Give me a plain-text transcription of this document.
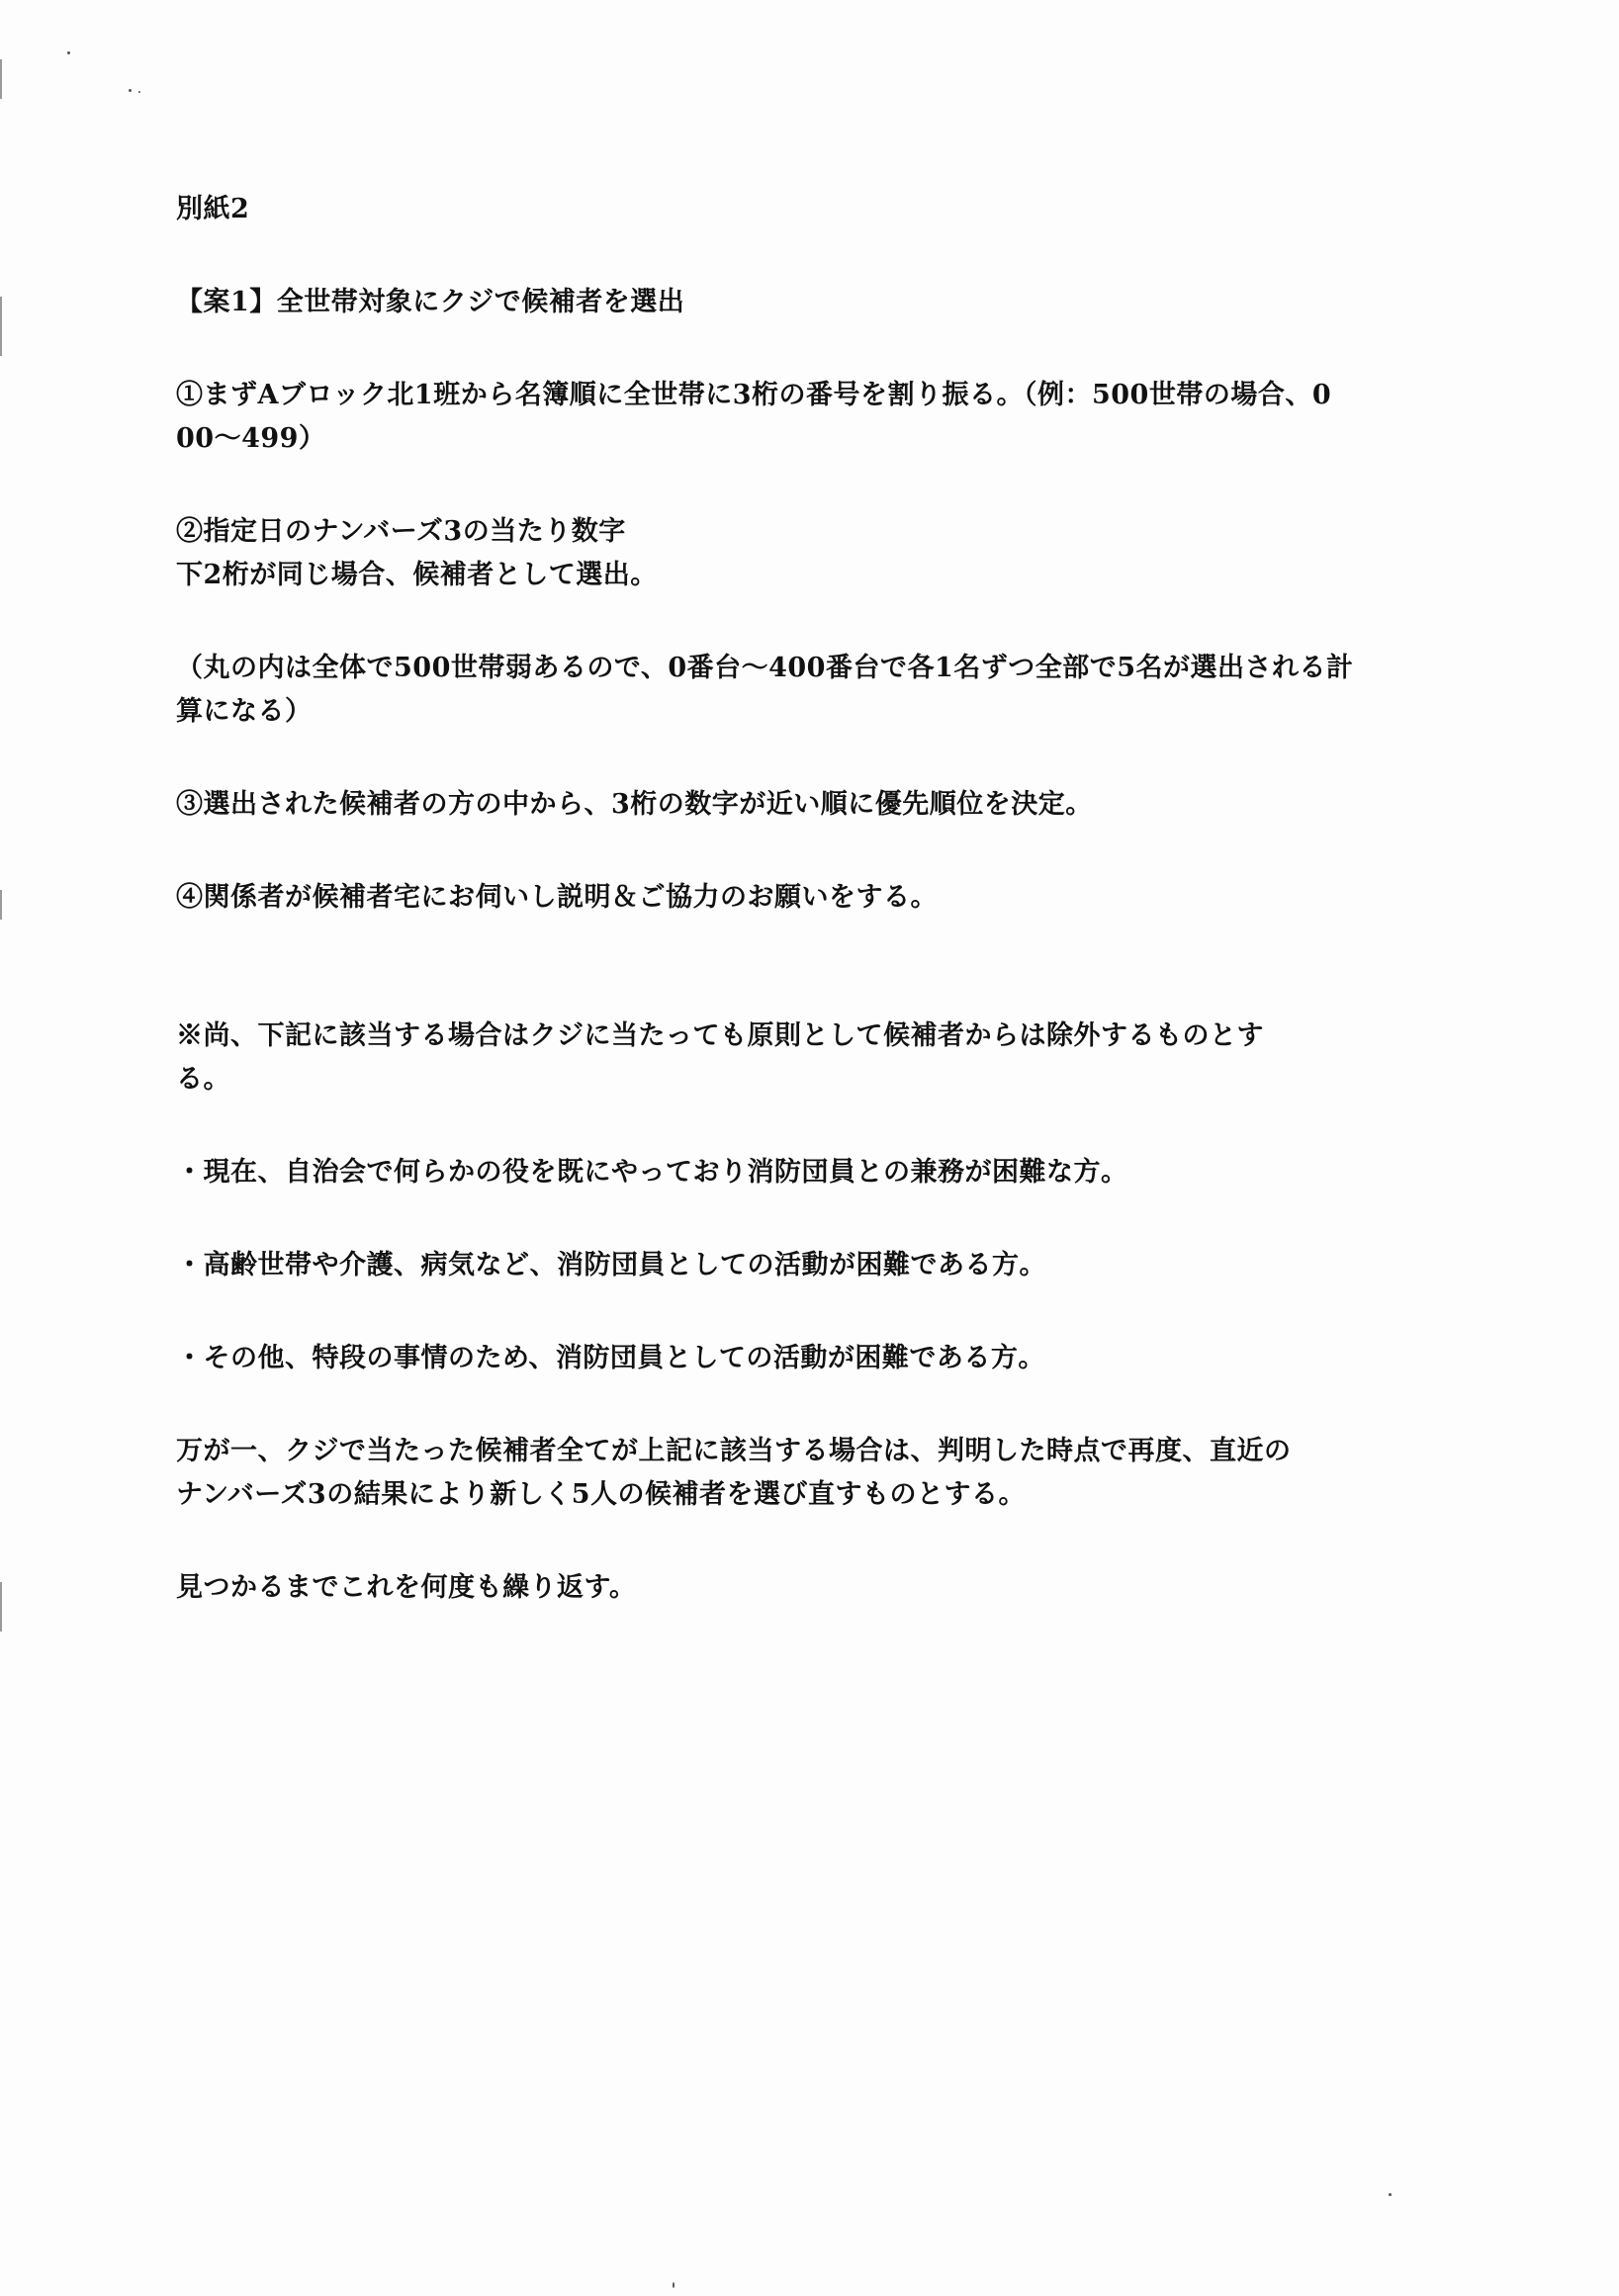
別紙2
【案1】全世帯対象にクジで候補者を選出
①まずAブロック北1班から名簿順に全世帯に3桁の番号を割り振る。（例：500世帯の場合、0
00～499）
②指定日のナンバーズ3の当たり数字
下2桁が同じ場合、候補者として選出。
（丸の内は全体で500世帯弱あるので、0番台～400番台で各1名ずつ全部で5名が選出される計
算になる）
③選出された候補者の方の中から、3桁の数字が近い順に優先順位を決定。
④関係者が候補者宅にお伺いし説明＆ご協力のお願いをする。
※尚、下記に該当する場合はクジに当たっても原則として候補者からは除外するものとす
る。
・現在、自治会で何らかの役を既にやっており消防団員との兼務が困難な方。
・高齢世帯や介護、病気など、消防団員としての活動が困難である方。
・その他、特段の事情のため、消防団員としての活動が困難である方。
万が一、クジで当たった候補者全てが上記に該当する場合は、判明した時点で再度、直近の
ナンバーズ3の結果により新しく5人の候補者を選び直すものとする。
見つかるまでこれを何度も繰り返す。
